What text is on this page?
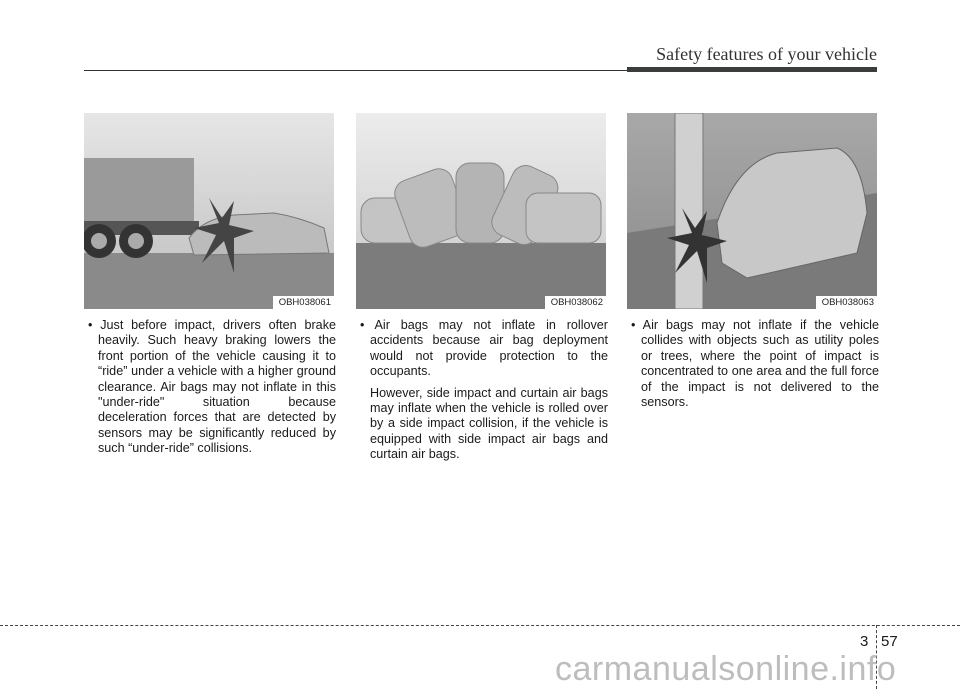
Safety features of your vehicle
OBH038061	OBH038062	OBH038063

• Just before impact, drivers often brake heavily. Such heavy braking lowers the front portion of the vehicle causing it to “ride” under a vehicle with a higher ground clearance. Air bags may not inflate in this "under-ride" situation because deceleration forces that are detected by sensors may be significantly reduced by such “under-ride” collisions.

• Air bags may not inflate in rollover accidents because air bag deployment would not provide protection to the occupants.

However, side impact and curtain air bags may inflate when the vehicle is rolled over by a side impact collision, if the vehicle is equipped with side impact air bags and curtain air bags.

• Air bags may not inflate if the vehicle collides with objects such as utility poles or trees, where the point of impact is concentrated to one area and the full force of the impact is not delivered to the sensors.

carmanualsonline.info
3 57
